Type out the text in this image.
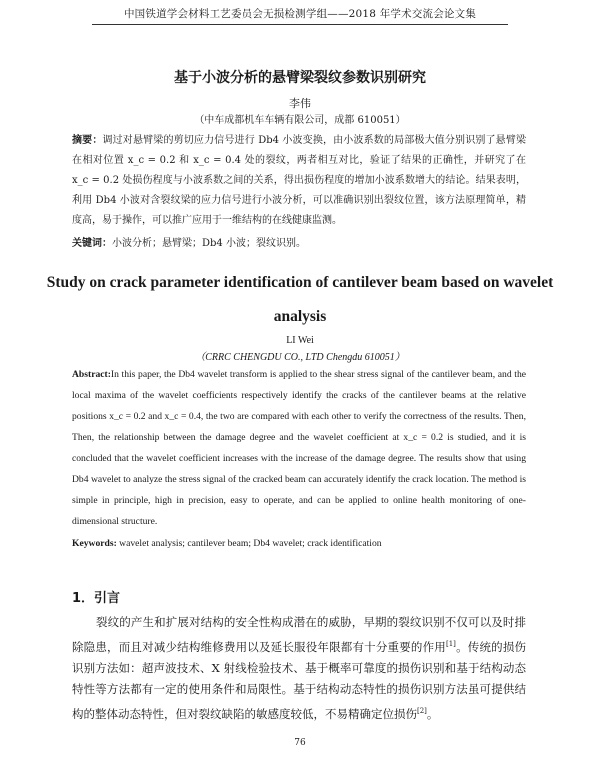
中国铁道学会材料工艺委员会无损检测学组——2018 年学术交流会论文集
基于小波分析的悬臂梁裂纹参数识别研究
李伟
（中车成都机车车辆有限公司，成都 610051）
摘要：调过对悬臂梁的剪切应力信号进行 Db4 小波变换，由小波系数的局部极大值分别识别了悬臂梁在相对位置 x_c = 0.2 和 x_c = 0.4 处的裂纹，两者相互对比，验证了结果的正确性，并研究了在 x_c = 0.2 处损伤程度与小波系数之间的关系，得出损伤程度的增加小波系数增大的结论。结果表明，利用 Db4 小波对含裂纹梁的应力信号进行小波分析，可以准确识别出裂纹位置，该方法原理简单，精度高，易于操作，可以推广应用于一维结构的在线健康监测。
关键词：小波分析；悬臂梁；Db4 小波；裂纹识别。
Study on crack parameter identification of cantilever beam based on wavelet analysis
LI Wei
（CRRC CHENGDU CO., LTD Chengdu 610051）
Abstract:In this paper, the Db4 wavelet transform is applied to the shear stress signal of the cantilever beam, and the local maxima of the wavelet coefficients respectively identify the cracks of the cantilever beams at the relative positions x_c = 0.2 and x_c = 0.4, the two are compared with each other to verify the correctness of the results. Then, Then, the relationship between the damage degree and the wavelet coefficient at x_c = 0.2 is studied, and it is concluded that the wavelet coefficient increases with the increase of the damage degree. The results show that using Db4 wavelet to analyze the stress signal of the cracked beam can accurately identify the crack location. The method is simple in principle, high in precision, easy to operate, and can be applied to online health monitoring of one-dimensional structure.
Keywords: wavelet analysis; cantilever beam; Db4 wavelet; crack identification
1．引言
裂纹的产生和扩展对结构的安全性构成潜在的威胁，早期的裂纹识别不仅可以及时排除隐患，而且对减少结构维修费用以及延长服役年限都有十分重要的作用[1]。传统的损伤识别方法如：超声波技术、X 射线检验技术、基于概率可靠度的损伤识别和基于结构动态特性等方法都有一定的使用条件和局限性。基于结构动态特性的损伤识别方法虽可提供结构的整体动态特性，但对裂纹缺陷的敏感度较低，不易精确定位损伤[2]。
76
